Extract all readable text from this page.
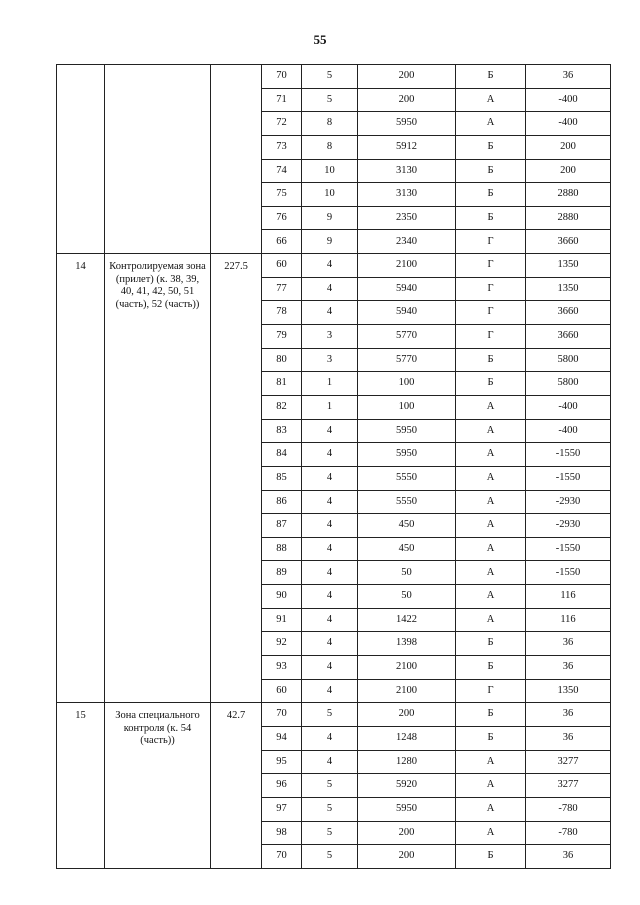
55
			70	5	200	Б	36
			71	5	200	А	-400
			72	8	5950	А	-400
			73	8	5912	Б	200
			74	10	3130	Б	200
			75	10	3130	Б	2880
			76	9	2350	Б	2880
			66	9	2340	Г	3660
14	Контролируемая зона (прилет) (к. 38, 39, 40, 41, 42, 50, 51 (часть), 52 (часть))	227.5	60	4	2100	Г	1350
			77	4	5940	Г	1350
			78	4	5940	Г	3660
			79	3	5770	Г	3660
			80	3	5770	Б	5800
			81	1	100	Б	5800
			82	1	100	А	-400
			83	4	5950	А	-400
			84	4	5950	А	-1550
			85	4	5550	А	-1550
			86	4	5550	А	-2930
			87	4	450	А	-2930
			88	4	450	А	-1550
			89	4	50	А	-1550
			90	4	50	А	116
			91	4	1422	А	116
			92	4	1398	Б	36
			93	4	2100	Б	36
			60	4	2100	Г	1350
15	Зона специального контроля (к. 54 (часть))	42.7	70	5	200	Б	36
			94	4	1248	Б	36
			95	4	1280	А	3277
			96	5	5920	А	3277
			97	5	5950	А	-780
			98	5	200	А	-780
			70	5	200	Б	36
